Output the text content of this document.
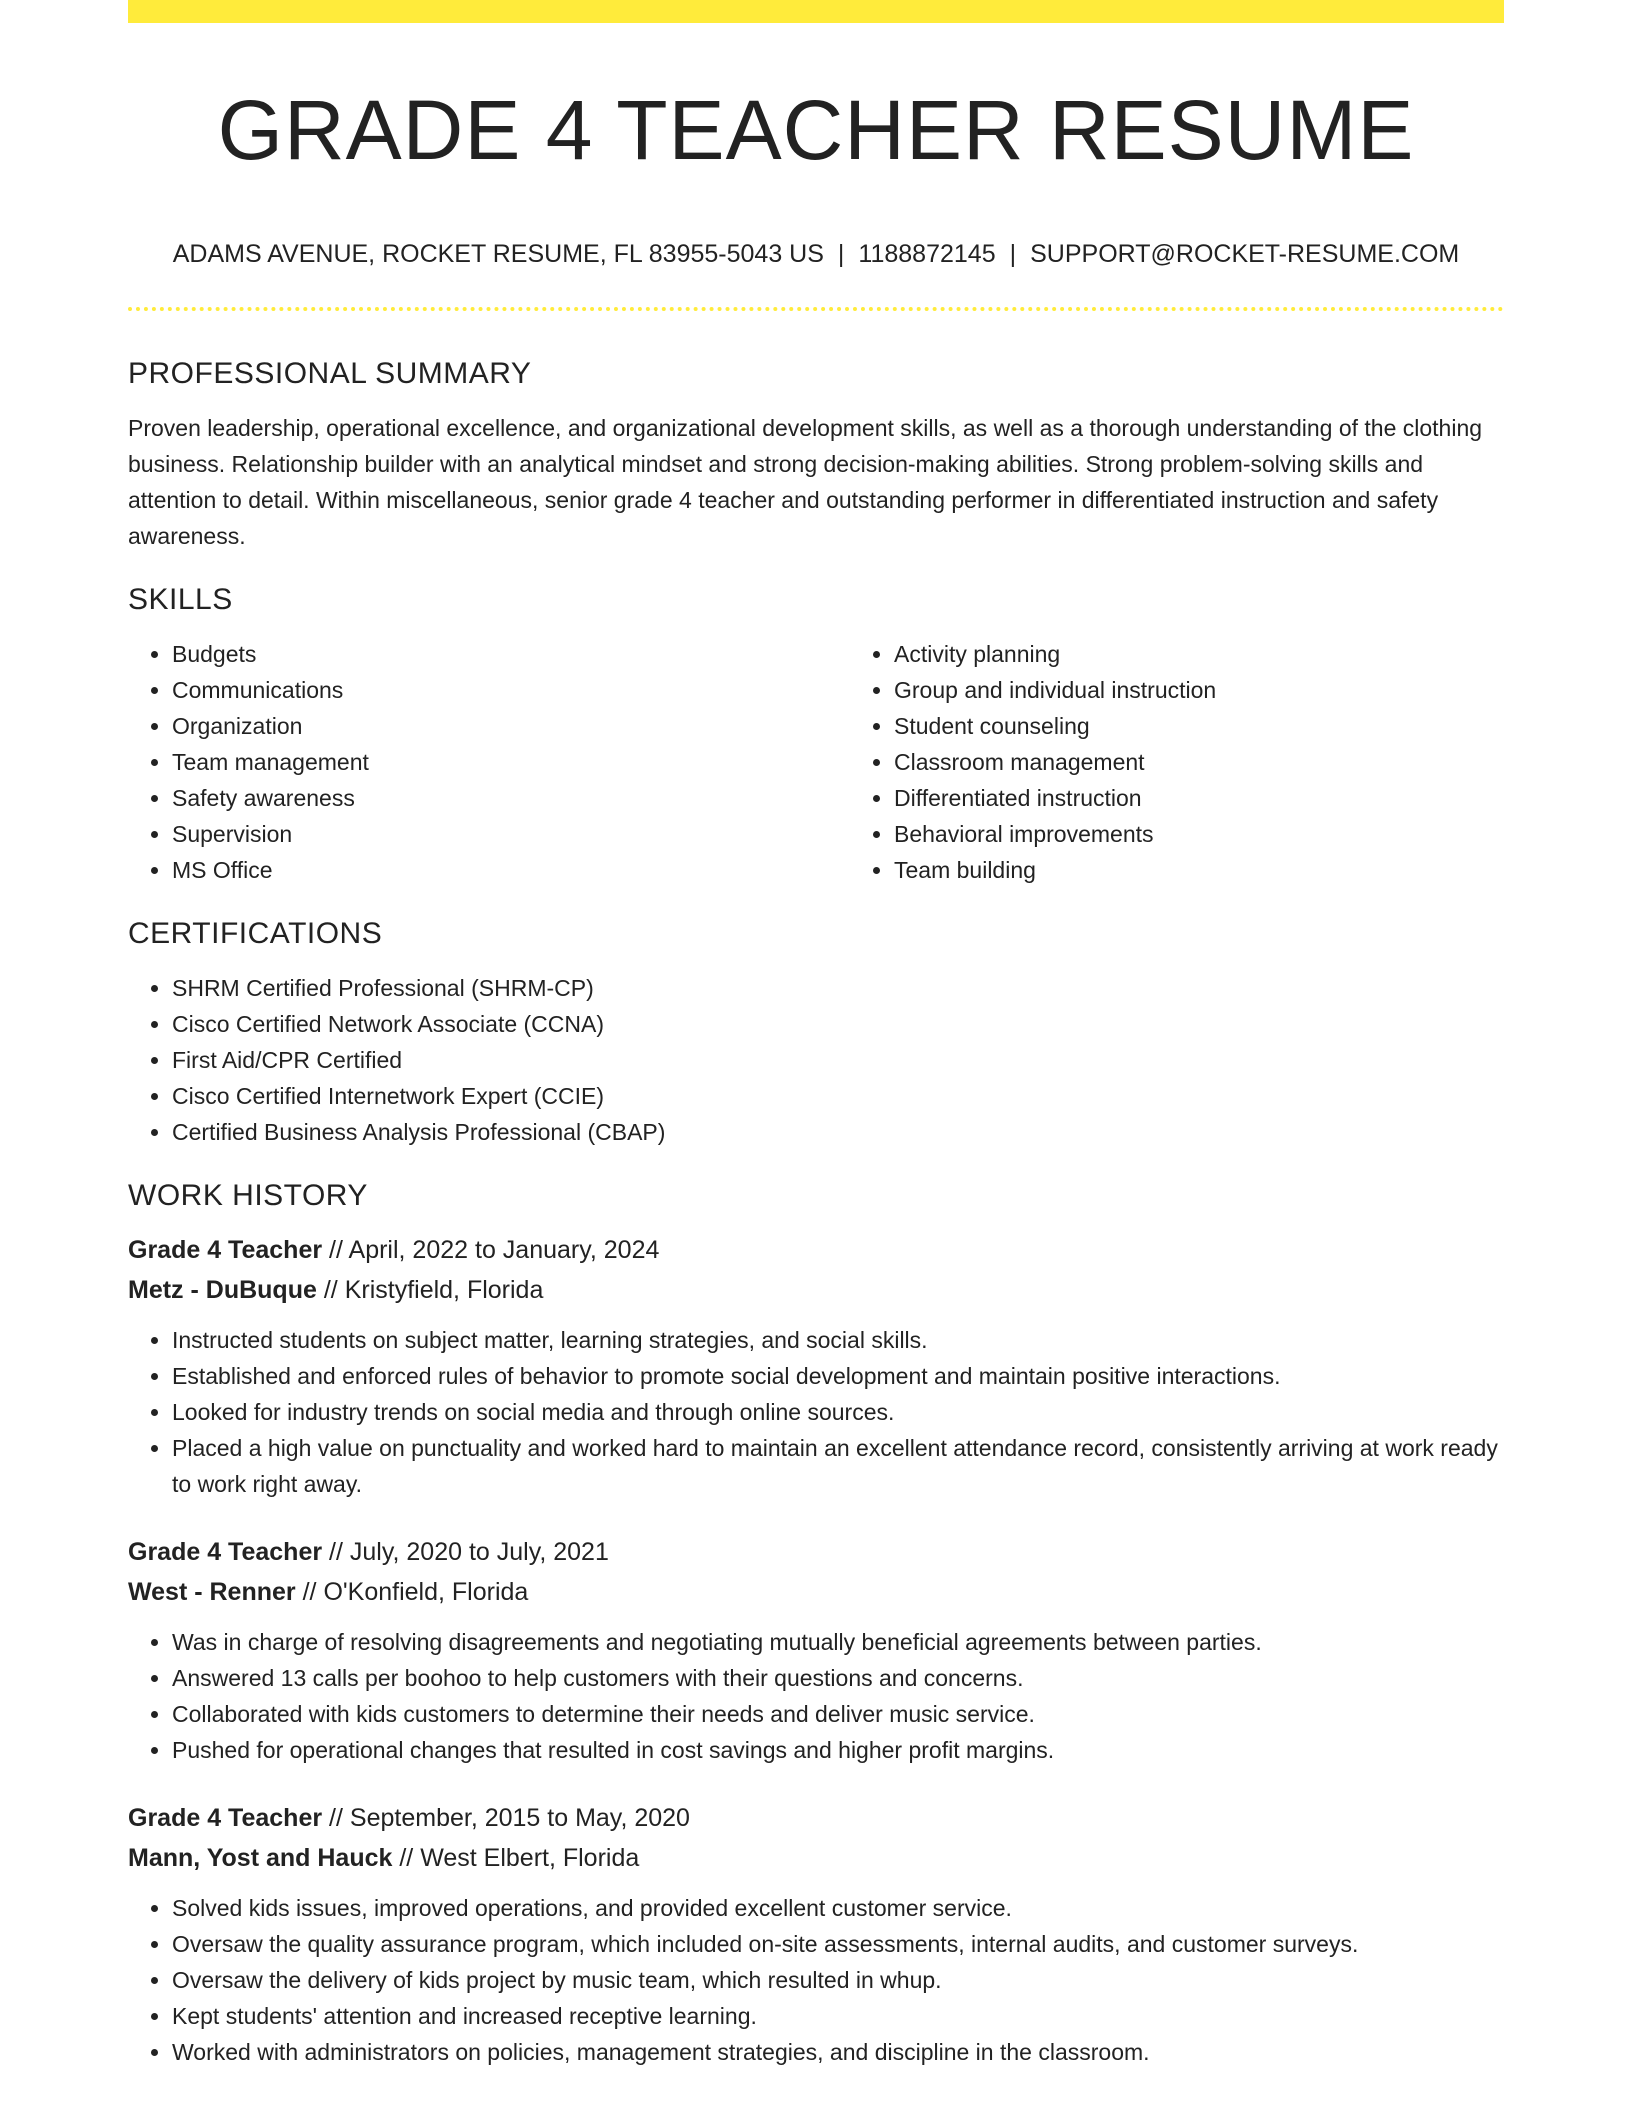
GRADE 4 TEACHER RESUME
ADAMS AVENUE, ROCKET RESUME, FL 83955-5043 US | 1188872145 | SUPPORT@ROCKET-RESUME.COM
PROFESSIONAL SUMMARY

Proven leadership, operational excellence, and organizational development skills, as well as a thorough understanding of the clothing business. Relationship builder with an analytical mindset and strong decision-making abilities. Strong problem-solving skills and attention to detail. Within miscellaneous, senior grade 4 teacher and outstanding performer in differentiated instruction and safety awareness.

SKILLS
• Budgets
• Communications
• Organization
• Team management
• Safety awareness
• Supervision
• MS Office
• Activity planning
• Group and individual instruction
• Student counseling
• Classroom management
• Differentiated instruction
• Behavioral improvements
• Team building
CERTIFICATIONS
• SHRM Certified Professional (SHRM-CP)
• Cisco Certified Network Associate (CCNA)
• First Aid/CPR Certified
• Cisco Certified Internetwork Expert (CCIE)
• Certified Business Analysis Professional (CBAP)
WORK HISTORY
Grade 4 Teacher // April, 2022 to January, 2024
Metz - DuBuque // Kristyfield, Florida
• Instructed students on subject matter, learning strategies, and social skills.
• Established and enforced rules of behavior to promote social development and maintain positive interactions.
• Looked for industry trends on social media and through online sources.
• Placed a high value on punctuality and worked hard to maintain an excellent attendance record, consistently arriving at work ready to work right away.
Grade 4 Teacher // July, 2020 to July, 2021
West - Renner // O'Konfield, Florida
• Was in charge of resolving disagreements and negotiating mutually beneficial agreements between parties.
• Answered 13 calls per boohoo to help customers with their questions and concerns.
• Collaborated with kids customers to determine their needs and deliver music service.
• Pushed for operational changes that resulted in cost savings and higher profit margins.
Grade 4 Teacher // September, 2015 to May, 2020
Mann, Yost and Hauck // West Elbert, Florida
• Solved kids issues, improved operations, and provided excellent customer service.
• Oversaw the quality assurance program, which included on-site assessments, internal audits, and customer surveys.
• Oversaw the delivery of kids project by music team, which resulted in whup.
• Kept students' attention and increased receptive learning.
• Worked with administrators on policies, management strategies, and discipline in the classroom.
